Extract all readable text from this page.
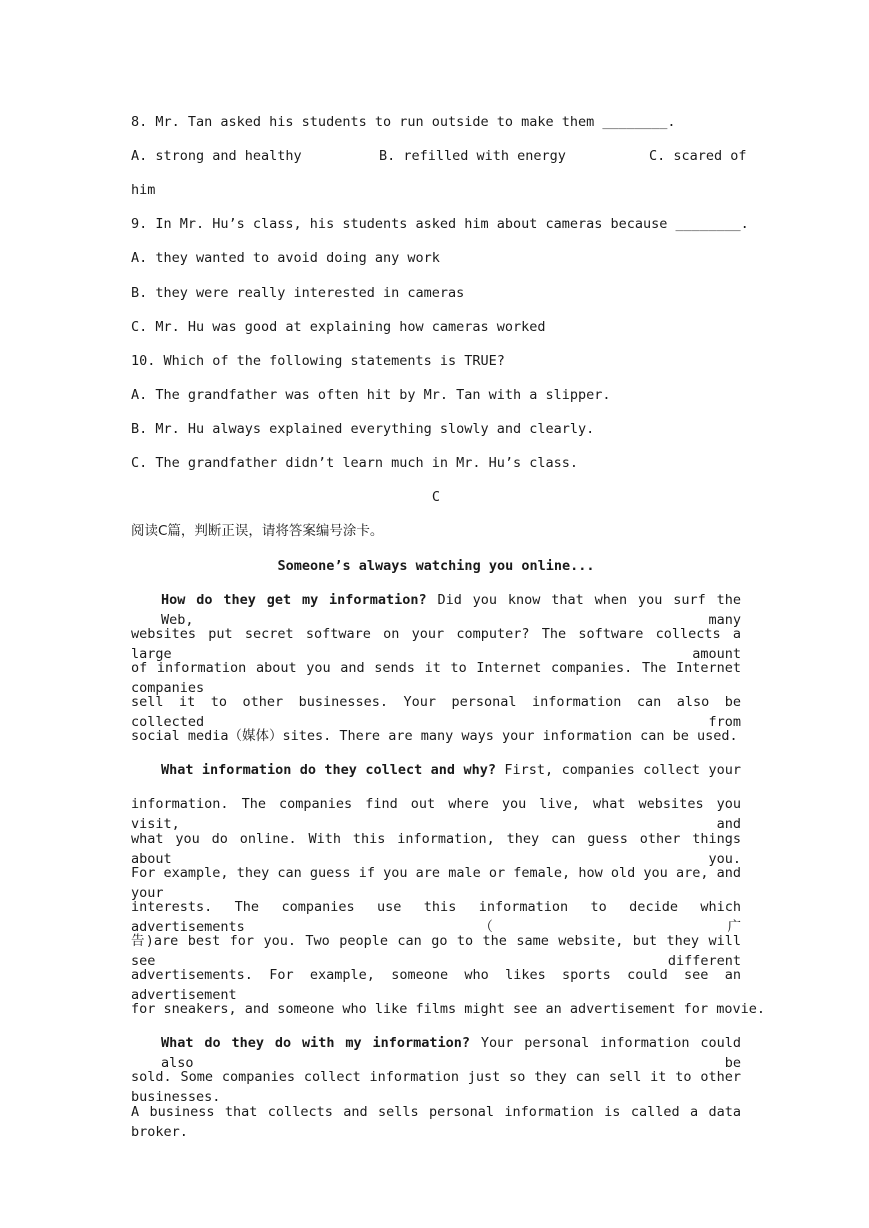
8. Mr. Tan asked his students to run outside to make them ________.
A. strong and healthy	B. refilled with energy	C. scared of
him
9. In Mr. Hu’s class, his students asked him about cameras because ________.
A. they wanted to avoid doing any work
B. they were really interested in cameras
C. Mr. Hu was good at explaining how cameras worked
10. Which of the following statements is TRUE?
A. The grandfather was often hit by Mr. Tan with a slipper.
B. Mr. Hu always explained everything slowly and clearly.
C. The grandfather didn’t learn much in Mr. Hu’s class.
C
阅读C篇，判断正误，请将答案编号涂卡。
Someone’s always watching you online...
How do they get my information? Did you know that when you surf the Web, many
websites put secret software on your computer? The software collects a large amount
of information about you and sends it to Internet companies. The Internet companies
sell it to other businesses. Your personal information can also be collected from
social media（媒体）sites. There are many ways your information can be used.
What information do they collect and why? First, companies collect your
information. The companies find out where you live, what websites you visit, and
what you do online. With this information, they can guess other things about you.
For example, they can guess if you are male or female, how old you are, and your
interests. The companies use this information to decide which advertisements（广
告)are best for you. Two people can go to the same website, but they will see different
advertisements. For example, someone who likes sports could see an advertisement
for sneakers, and someone who like films might see an advertisement for movie.
What do they do with my information? Your personal information could also be
sold. Some companies collect information just so they can sell it to other businesses.
A business that collects and sells personal information is called a data broker.
